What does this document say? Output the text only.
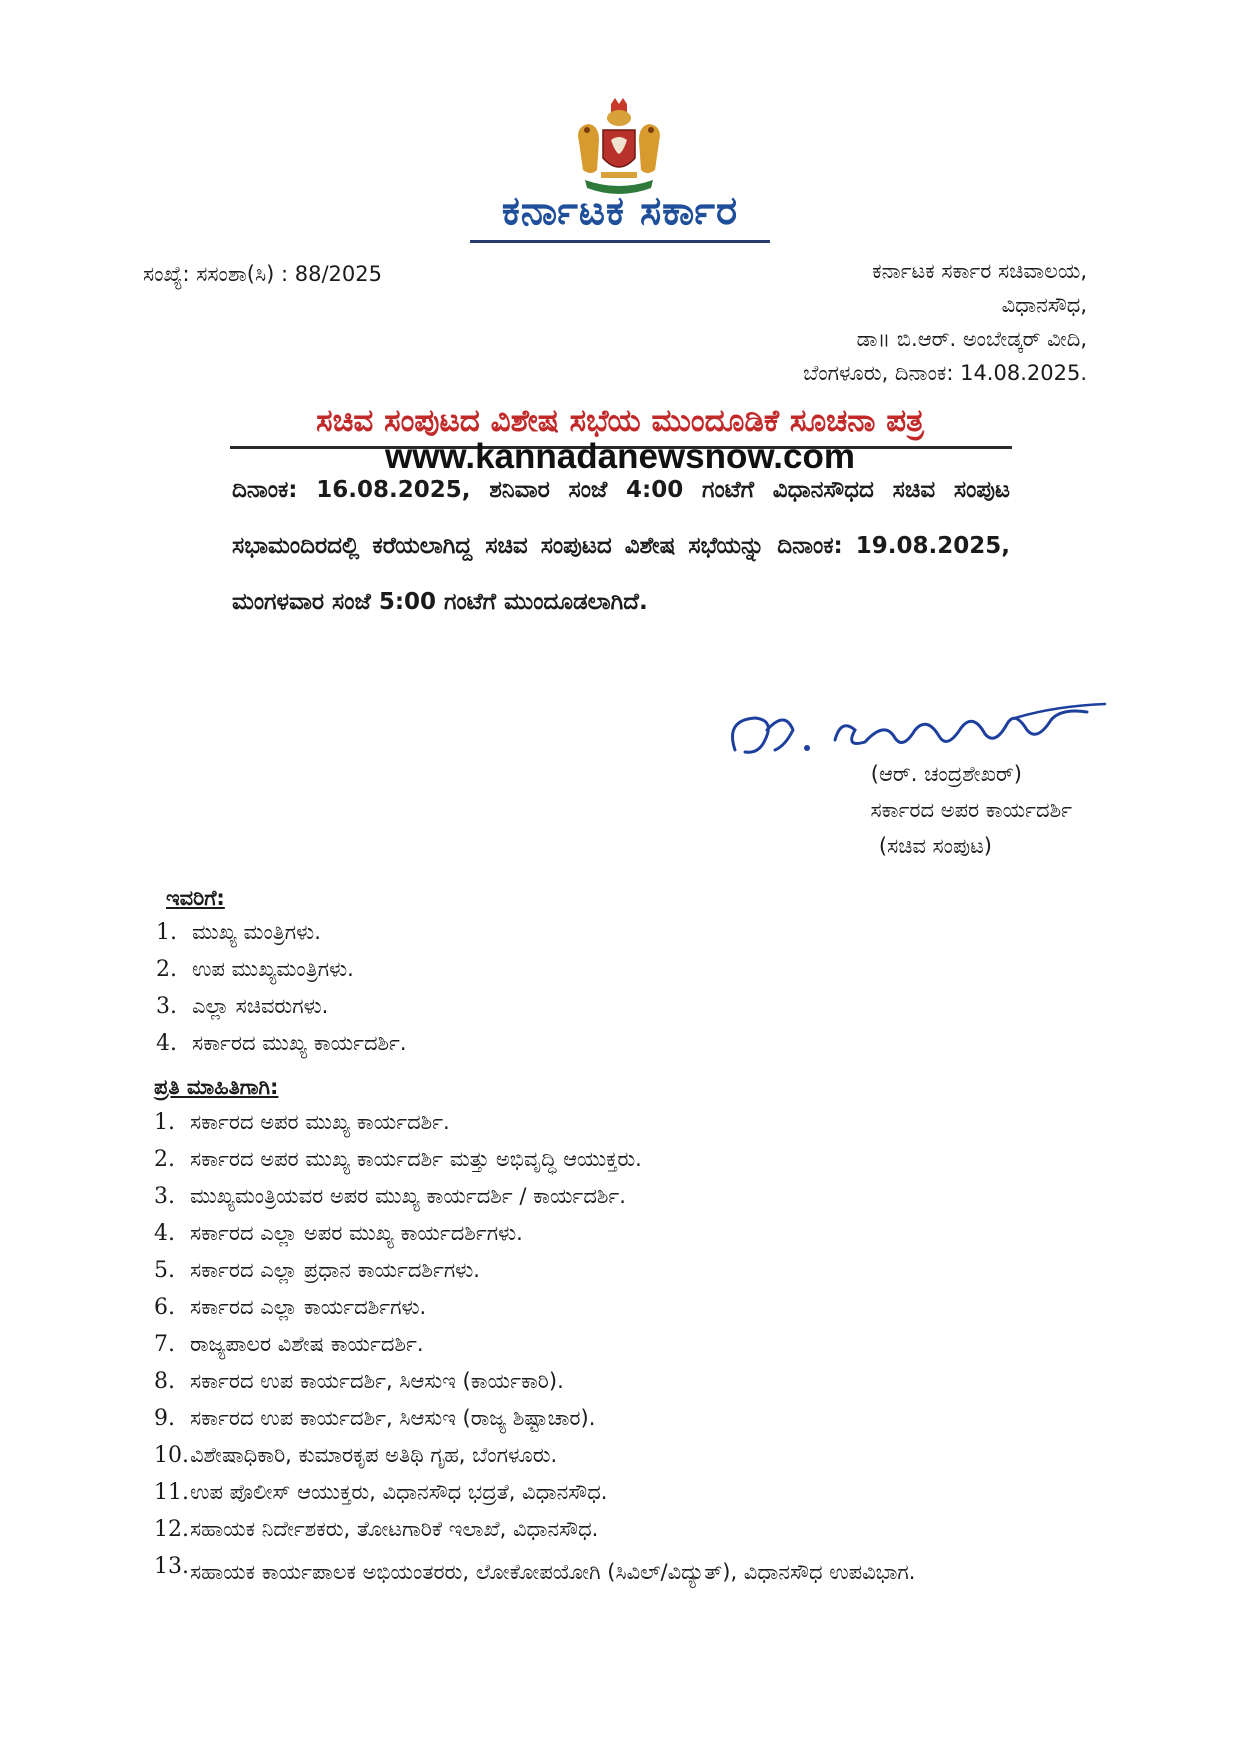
ಕರ್ನಾಟಕ ಸರ್ಕಾರ
ಸಂಖ್ಯೆ: ಸಸಂಶಾ(ಸಿ) : 88/2025	ಕರ್ನಾಟಕ ಸರ್ಕಾರ ಸಚಿವಾಲಯ,
ವಿಧಾನಸೌಧ,
ಡಾ॥ ಬಿ.ಆರ್. ಅಂಬೇಡ್ಕರ್ ವೀದಿ,
ಬೆಂಗಳೂರು, ದಿನಾಂಕ: 14.08.2025.
ಸಚಿವ ಸಂಪುಟದ ವಿಶೇಷ ಸಭೆಯ ಮುಂದೂಡಿಕೆ ಸೂಚನಾ ಪತ್ರ
www.kannadanewsnow.com
ದಿನಾಂಕ: 16.08.2025, ಶನಿವಾರ ಸಂಜೆ 4:00 ಗಂಟೆಗೆ ವಿಧಾನಸೌಧದ ಸಚಿವ ಸಂಪುಟ ಸಭಾಮಂದಿರದಲ್ಲಿ ಕರೆಯಲಾಗಿದ್ದ ಸಚಿವ ಸಂಪುಟದ ವಿಶೇಷ ಸಭೆಯನ್ನು ದಿನಾಂಕ: 19.08.2025, ಮಂಗಳವಾರ ಸಂಜೆ 5:00 ಗಂಟೆಗೆ ಮುಂದೂಡಲಾಗಿದೆ.
(ಆರ್. ಚಂದ್ರಶೇಖರ್)
ಸರ್ಕಾರದ ಅಪರ ಕಾರ್ಯದರ್ಶಿ
(ಸಚಿವ ಸಂಪುಟ)
ಇವರಿಗೆ:
1. ಮುಖ್ಯ ಮಂತ್ರಿಗಳು.
2. ಉಪ ಮುಖ್ಯಮಂತ್ರಿಗಳು.
3. ಎಲ್ಲಾ ಸಚಿವರುಗಳು.
4. ಸರ್ಕಾರದ ಮುಖ್ಯ ಕಾರ್ಯದರ್ಶಿ.
ಪ್ರತಿ ಮಾಹಿತಿಗಾಗಿ:
1. ಸರ್ಕಾರದ ಅಪರ ಮುಖ್ಯ ಕಾರ್ಯದರ್ಶಿ.
2. ಸರ್ಕಾರದ ಅಪರ ಮುಖ್ಯ ಕಾರ್ಯದರ್ಶಿ ಮತ್ತು ಅಭಿವೃದ್ಧಿ ಆಯುಕ್ತರು.
3. ಮುಖ್ಯಮಂತ್ರಿಯವರ ಅಪರ ಮುಖ್ಯ ಕಾರ್ಯದರ್ಶಿ / ಕಾರ್ಯದರ್ಶಿ.
4. ಸರ್ಕಾರದ ಎಲ್ಲಾ ಅಪರ ಮುಖ್ಯ ಕಾರ್ಯದರ್ಶಿಗಳು.
5. ಸರ್ಕಾರದ ಎಲ್ಲಾ ಪ್ರಧಾನ ಕಾರ್ಯದರ್ಶಿಗಳು.
6. ಸರ್ಕಾರದ ಎಲ್ಲಾ ಕಾರ್ಯದರ್ಶಿಗಳು.
7. ರಾಜ್ಯಪಾಲರ ವಿಶೇಷ ಕಾರ್ಯದರ್ಶಿ.
8. ಸರ್ಕಾರದ ಉಪ ಕಾರ್ಯದರ್ಶಿ, ಸಿಆಸುಇ (ಕಾರ್ಯಕಾರಿ).
9. ಸರ್ಕಾರದ ಉಪ ಕಾರ್ಯದರ್ಶಿ, ಸಿಆಸುಇ (ರಾಜ್ಯ ಶಿಷ್ಟಾಚಾರ).
10. ವಿಶೇಷಾಧಿಕಾರಿ, ಕುಮಾರಕೃಪ ಅತಿಥಿ ಗೃಹ, ಬೆಂಗಳೂರು.
11. ಉಪ ಪೊಲೀಸ್ ಆಯುಕ್ತರು, ವಿಧಾನಸೌಧ ಭದ್ರತೆ, ವಿಧಾನಸೌಧ.
12. ಸಹಾಯಕ ನಿರ್ದೇಶಕರು, ತೋಟಗಾರಿಕೆ ಇಲಾಖೆ, ವಿಧಾನಸೌಧ.
13. ಸಹಾಯಕ ಕಾರ್ಯಪಾಲಕ ಅಭಿಯಂತರರು, ಲೋಕೋಪಯೋಗಿ (ಸಿವಿಲ್/ವಿದ್ಯುತ್), ವಿಧಾನಸೌಧ ಉಪವಿಭಾಗ.
